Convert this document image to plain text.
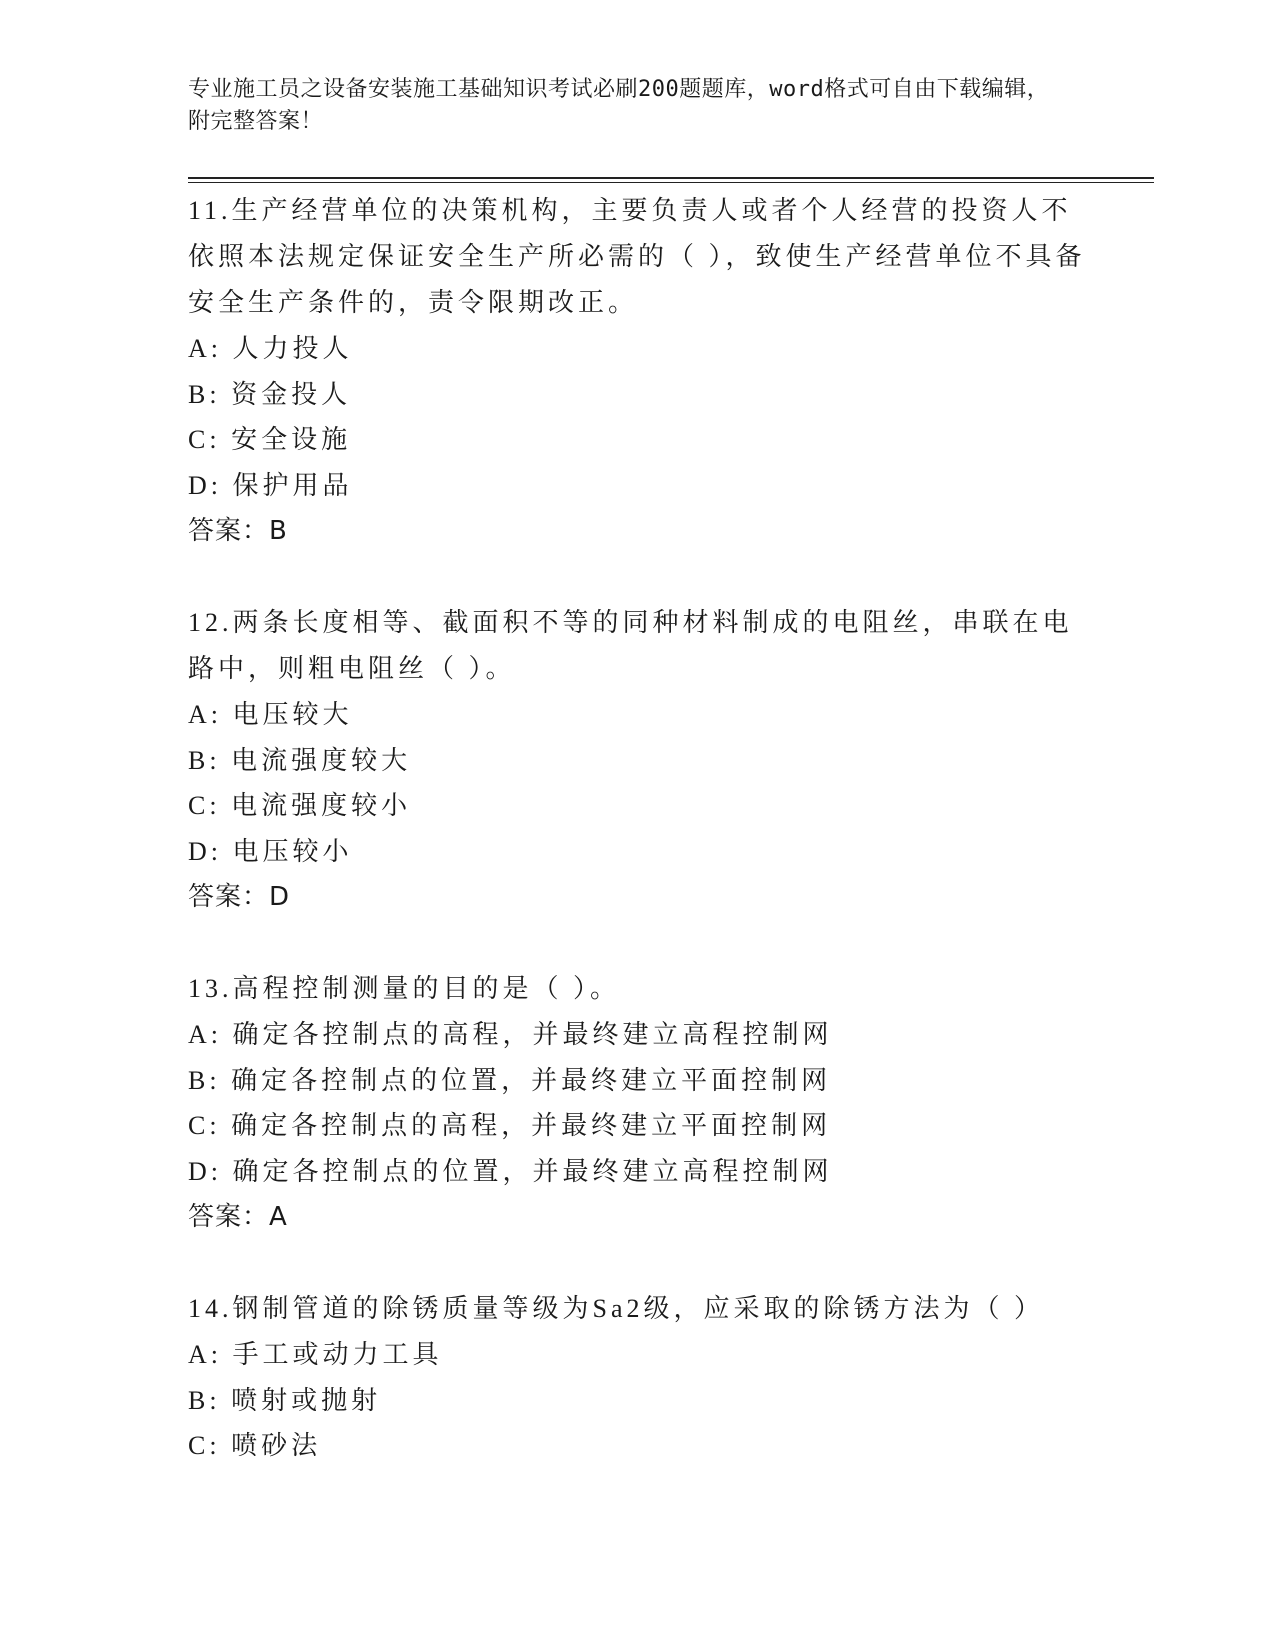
专业施工员之设备安装施工基础知识考试必刷200题题库，word格式可自由下载编辑，附完整答案！

11.生产经营单位的决策机构，主要负责人或者个人经营的投资人不依照本法规定保证安全生产所必需的（ ），致使生产经营单位不具备安全生产条件的，责令限期改正。

A: 人力投人

B: 资金投人

C: 安全设施

D: 保护用品

答案：B

12.两条长度相等、截面积不等的同种材料制成的电阻丝，串联在电路中，则粗电阻丝（ ）。

A: 电压较大

B: 电流强度较大

C: 电流强度较小

D: 电压较小

答案：D

13.高程控制测量的目的是（ ）。

A: 确定各控制点的高程，并最终建立高程控制网

B: 确定各控制点的位置，并最终建立平面控制网

C: 确定各控制点的高程，并最终建立平面控制网

D: 确定各控制点的位置，并最终建立高程控制网

答案：A

14.钢制管道的除锈质量等级为Sa2级，应采取的除锈方法为（ ）

A: 手工或动力工具

B: 喷射或抛射

C: 喷砂法
